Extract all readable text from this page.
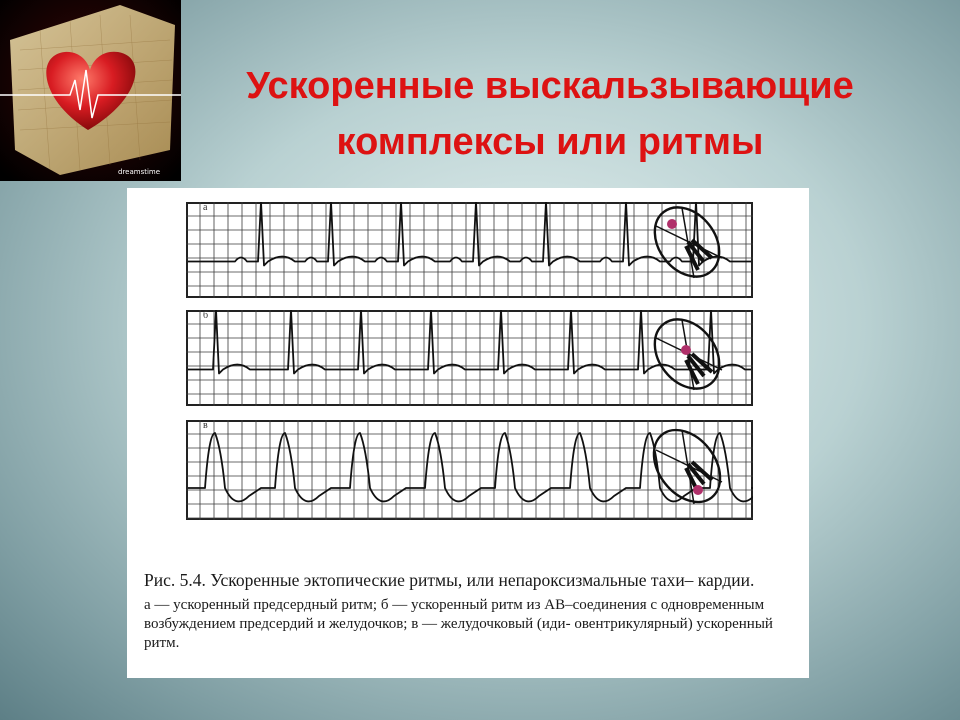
dreamstime
Ускоренные выскальзывающие
комплексы или ритмы
а
б
в

Рис. 5.4. Ускоренные эктопические ритмы, или непароксизмальные тахи– кардии.

а — ускоренный предсердный ритм; б — ускоренный ритм из АВ–соединения с одновременным возбуждением предсердий и желудочков; в — желудочковый (иди- овентрикулярный) ускоренный ритм.
